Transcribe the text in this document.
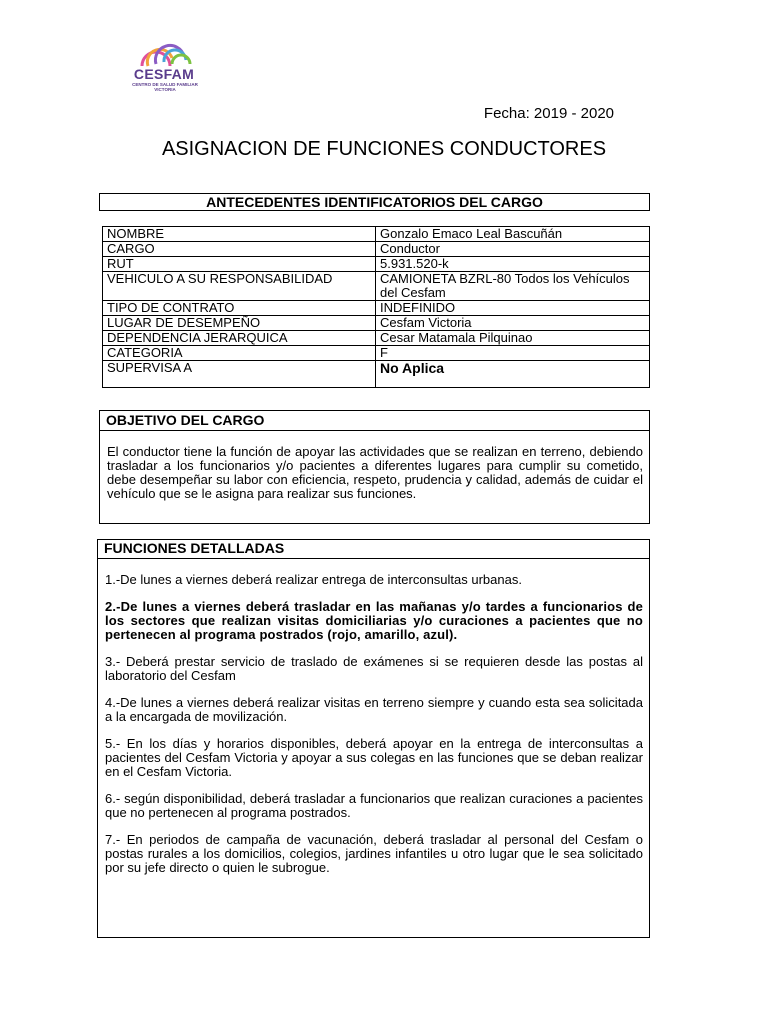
CESFAM
CENTRO DE SALUD FAMILIAR VICTORIA
Fecha: 2019 - 2020
ASIGNACION DE FUNCIONES CONDUCTORES
ANTECEDENTES IDENTIFICATORIOS DEL CARGO
NOMBRE	Gonzalo Emaco Leal Bascuñán
CARGO	Conductor
RUT	5.931.520-k
VEHICULO A SU RESPONSABILIDAD	CAMIONETA BZRL-80 Todos los Vehículos del Cesfam
TIPO DE CONTRATO	INDEFINIDO
LUGAR DE DESEMPEÑO	Cesfam Victoria
DEPENDENCIA JERARQUICA	Cesar Matamala Pilquinao
CATEGORIA	F
SUPERVISA A	No Aplica
OBJETIVO DEL CARGO
El conductor tiene la función de apoyar las actividades que se realizan en terreno, debiendo trasladar a los funcionarios y/o pacientes a diferentes lugares para cumplir su cometido, debe desempeñar su labor con eficiencia, respeto, prudencia y calidad, además de cuidar el vehículo que se le asigna para realizar sus funciones.
FUNCIONES DETALLADAS

1.-De lunes a viernes deberá realizar entrega de interconsultas urbanas.

2.-De lunes a viernes deberá trasladar en las mañanas y/o tardes a funcionarios de los sectores que realizan visitas domiciliarias y/o curaciones a pacientes que no pertenecen al programa postrados (rojo, amarillo, azul).

3.- Deberá prestar servicio de traslado de exámenes si se requieren desde las postas al laboratorio del Cesfam

4.-De lunes a viernes deberá realizar visitas en terreno siempre y cuando esta sea solicitada a la encargada de movilización.

5.- En los días y horarios disponibles, deberá apoyar en la entrega de interconsultas a pacientes del Cesfam Victoria y apoyar a sus colegas en las funciones que se deban realizar en el Cesfam Victoria.

6.- según disponibilidad, deberá trasladar a funcionarios que realizan curaciones a pacientes que no pertenecen al programa postrados.

7.- En periodos de campaña de vacunación, deberá trasladar al personal del Cesfam o postas rurales a los domicilios, colegios, jardines infantiles u otro lugar que le sea solicitado por su jefe directo o quien le subrogue.
